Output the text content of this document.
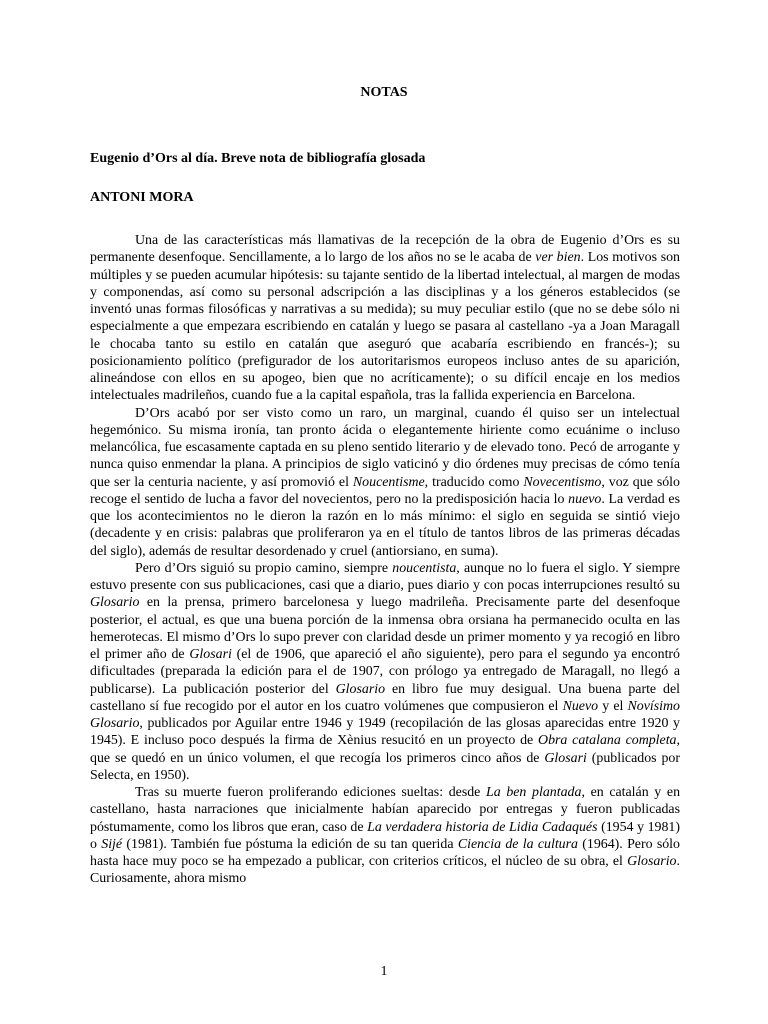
NOTAS
Eugenio d’Ors al día. Breve nota de bibliografía glosada
ANTONI MORA

Una de las características más llamativas de la recepción de la obra de Eugenio d’Ors es su permanente desenfoque. Sencillamente, a lo largo de los años no se le acaba de ver bien. Los motivos son múltiples y se pueden acumular hipótesis: su tajante sentido de la libertad intelectual, al margen de modas y componendas, así como su personal adscripción a las disciplinas y a los géneros establecidos (se inventó unas formas filosóficas y narrativas a su medida); su muy peculiar estilo (que no se debe sólo ni especialmente a que empezara escribiendo en catalán y luego se pasara al castellano -ya a Joan Maragall le chocaba tanto su estilo en catalán que aseguró que acabaría escribiendo en francés-); su posicionamiento político (prefigurador de los autoritarismos europeos incluso antes de su aparición, alineándose con ellos en su apogeo, bien que no acríticamente); o su difícil encaje en los medios intelectuales madrileños, cuando fue a la capital española, tras la fallida experiencia en Barcelona.

D’Ors acabó por ser visto como un raro, un marginal, cuando él quiso ser un intelectual hegemónico. Su misma ironía, tan pronto ácida o elegantemente hiriente como ecuánime o incluso melancólica, fue escasamente captada en su pleno sentido literario y de elevado tono. Pecó de arrogante y nunca quiso enmendar la plana. A principios de siglo vaticinó y dio órdenes muy precisas de cómo tenía que ser la centuria naciente, y así promovió el Noucentisme, traducido como Novecentismo, voz que sólo recoge el sentido de lucha a favor del novecientos, pero no la predisposición hacia lo nuevo. La verdad es que los acontecimientos no le dieron la razón en lo más mínimo: el siglo en seguida se sintió viejo (decadente y en crisis: palabras que proliferaron ya en el título de tantos libros de las primeras décadas del siglo), además de resultar desordenado y cruel (antiorsiano, en suma).

Pero d’Ors siguió su propio camino, siempre noucentista, aunque no lo fuera el siglo. Y siempre estuvo presente con sus publicaciones, casi que a diario, pues diario y con pocas interrupciones resultó su Glosario en la prensa, primero barcelonesa y luego madrileña. Precisamente parte del desenfoque posterior, el actual, es que una buena porción de la inmensa obra orsiana ha permanecido oculta en las hemerotecas. El mismo d’Ors lo supo prever con claridad desde un primer momento y ya recogió en libro el primer año de Glosari (el de 1906, que apareció el año siguiente), pero para el segundo ya encontró dificultades (preparada la edición para el de 1907, con prólogo ya entregado de Maragall, no llegó a publicarse). La publicación posterior del Glosario en libro fue muy desigual. Una buena parte del castellano sí fue recogido por el autor en los cuatro volúmenes que compusieron el Nuevo y el Novísimo Glosario, publicados por Aguilar entre 1946 y 1949 (recopilación de las glosas aparecidas entre 1920 y 1945). E incluso poco después la firma de Xènius resucitó en un proyecto de Obra catalana completa, que se quedó en un único volumen, el que recogía los primeros cinco años de Glosari (publicados por Selecta, en 1950).

Tras su muerte fueron proliferando ediciones sueltas: desde La ben plantada, en catalán y en castellano, hasta narraciones que inicialmente habían aparecido por entregas y fueron publicadas póstumamente, como los libros que eran, caso de La verdadera historia de Lidia Cadaqués (1954 y 1981) o Sijé (1981). También fue póstuma la edición de su tan querida Ciencia de la cultura (1964). Pero sólo hasta hace muy poco se ha empezado a publicar, con criterios críticos, el núcleo de su obra, el Glosario. Curiosamente, ahora mismo

1
